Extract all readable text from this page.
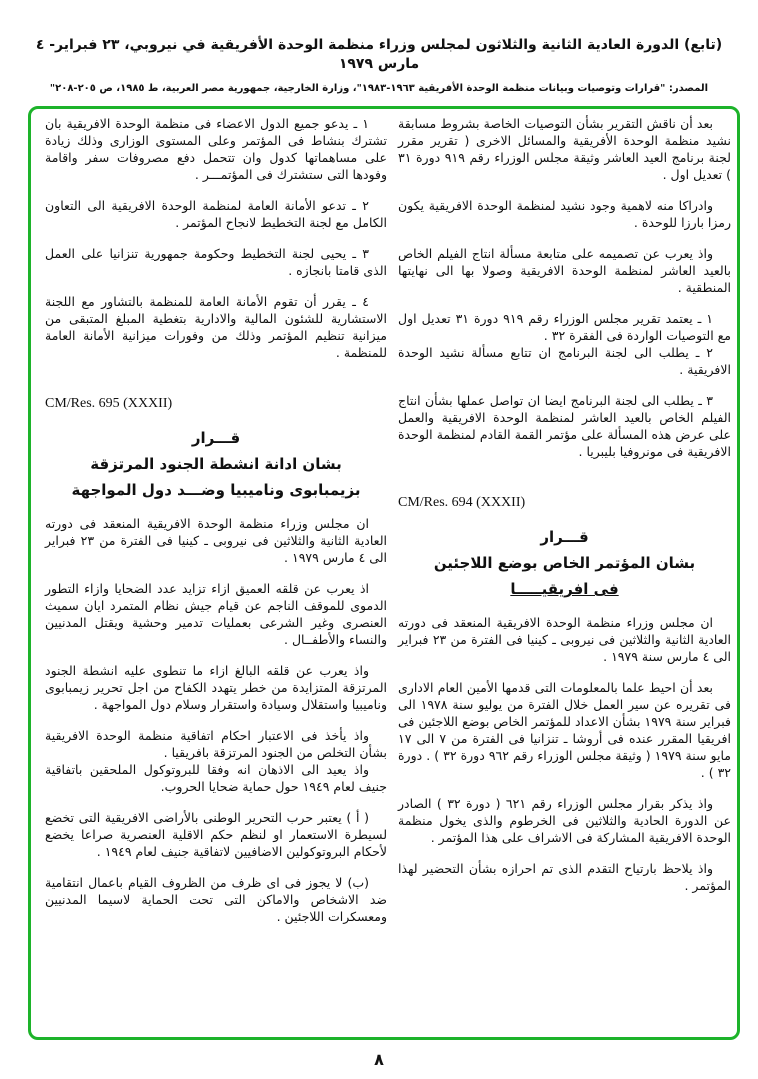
(تابع) الدورة العادية الثانية والثلاثون لمجلس وزراء منظمة الوحدة الأفريقية في نيروبي، ٢٣ فبراير- ٤ مارس ١٩٧٩
المصدر: "قرارات وتوصيات وبيانات منظمة الوحدة الأفريقية ١٩٦٣-١٩٨٣"، وزارة الخارجية، جمهورية مصر العربية، ط ١٩٨٥، ص ٢٠٥-٢٠٨"

بعد أن ناقش التقرير بشأن التوصيات الخاصة بشروط مسابقة نشيد منظمة الوحدة الأفريقية والمسائل الاخرى ( تقرير مقرر لجنة برنامج العيد العاشر وثيقة مجلس الوزراء رقم ٩١٩ دورة ٣١ ) تعديل اول .

وادراكا منه لاهمية وجود نشيد لمنظمة الوحدة الافريقية يكون رمزا بارزا للوحدة .

واذ يعرب عن تصميمه على متابعة مسألة انتاج الفيلم الخاص بالعيد العاشر لمنظمة الوحدة الافريقية وصولا بها الى نهايتها المنطقية .

١ ـ يعتمد تقرير مجلس الوزراء رقم ٩١٩ دورة ٣١ تعديل اول مع التوصيات الواردة فى الفقرة ٣٢ .

٢ ـ يطلب الى لجنة البرنامج ان تتابع مسألة نشيد الوحدة الافريقية .

٣ ـ يطلب الى لجنة البرنامج ايضا ان تواصل عملها بشأن انتاج الفيلم الخاص بالعيد العاشر لمنظمة الوحدة الافريقية والعمل على عرض هذه المسألة على مؤتمر القمة القادم لمنظمة الوحدة الافريقية فى مونروفيا بليبريا .

CM/Res. 694 (XXXII)
قـــرار
بشان المؤتمر الخاص بوضع اللاجئين
فى افريقيـــــا

ان مجلس وزراء منظمة الوحدة الافريقية المنعقد فى دورته العادية الثانية والثلاثين فى نيروبى ـ كينيا فى الفترة من ٢٣ فبراير الى ٤ مارس سنة ١٩٧٩ .

بعد أن احيط علما بالمعلومات التى قدمها الأمين العام الادارى فى تقريره عن سير العمل خلال الفترة من يوليو سنة ١٩٧٨ الى فبراير سنة ١٩٧٩ بشأن الاعداد للمؤتمر الخاص بوضع اللاجئين فى افريقيا المقرر عنده فى أروشا ـ تنزانيا فى الفترة من ٧ الى ١٧ مايو سنة ١٩٧٩ ( وثيقة مجلس الوزراء رقم ٩٦٢ دورة ٣٢ ) . دورة ٣٢ ) .

واذ يذكر بقرار مجلس الوزراء رقم ٦٢١ ( دورة ٣٢ ) الصادر عن الدورة الحادية والثلاثين فى الخرطوم والذى يخول منظمة الوحدة الافريقية المشاركة فى الاشراف على هذا المؤتمر .

واذ يلاحظ بارتياح التقدم الذى تم احرازه بشأن التحضير لهذا المؤتمر .

١ ـ يدعو جميع الدول الاعضاء فى منظمة الوحدة الافريقية بان تشترك بنشاط فى المؤتمر وعلى المستوى الوزارى وذلك زيادة على مساهماتها كدول وان تتحمل دفع مصروفات سفر واقامة وفودها التى ستشترك فى المؤتمـــر .

٢ ـ تدعو الأمانة العامة لمنظمة الوحدة الافريقية الى التعاون الكامل مع لجنة التخطيط لانجاح المؤتمر .

٣ ـ يحيى لجنة التخطيط وحكومة جمهورية تنزانيا على العمل الذى قامتا بانجازه .

٤ ـ يقرر أن تقوم الأمانة العامة للمنظمة بالتشاور مع اللجنة الاستشارية للشئون المالية والادارية بتغطية المبلغ المتبقى من ميزانية تنظيم المؤتمر وذلك من وفورات ميزانية الأمانة العامة للمنظمة .

CM/Res. 695 (XXXII)
قـــرار
بشان ادانة انشطة الجنود المرتزقة
بزيمبابوى وناميبيا وضـــد دول المواجهة

ان مجلس وزراء منظمة الوحدة الافريقية المنعقد فى دورته العادية الثانية والثلاثين فى نيروبى ـ كينيا فى الفترة من ٢٣ فبراير الى ٤ مارس ١٩٧٩ .

اذ يعرب عن قلقه العميق ازاء تزايد عدد الضحايا وازاء التطور الدموى للموقف الناجم عن قيام جيش نظام المتمرد ايان سميث العنصرى وغير الشرعى بعمليات تدمير وحشية ويقتل المدنيين والنساء والأطفــال .

واذ يعرب عن قلقه البالغ ازاء ما تنطوى عليه انشطة الجنود المرتزقة المتزايدة من خطر يتهدد الكفاح من اجل تحرير زيمبابوى وناميبيا واستقلال وسيادة واستقرار وسلام دول المواجهة .

واذ يأخذ فى الاعتبار احكام اتفاقية منظمة الوحدة الافريقية بشأن التخلص من الجنود المرتزقة بافريقيا .

واذ يعيد الى الاذهان انه وفقا للبروتوكول الملحقين باتفاقية جنيف لعام ١٩٤٩ حول حماية ضحايا الحروب.

( أ ) يعتبر حرب التحرير الوطنى بالأراضى الافريقية التى تخضع لسيطرة الاستعمار او لنظم حكم الاقلية العنصرية صراعا يخضع لأحكام البروتوكولين الاضافيين لاتفاقية جنيف لعام ١٩٤٩ .

(ب) لا يجوز فى اى ظرف من الظروف القيام باعمال انتقامية ضد الاشخاص والاماكن التى تحت الحماية لاسيما المدنيين ومعسكرات اللاجئين .

٨
